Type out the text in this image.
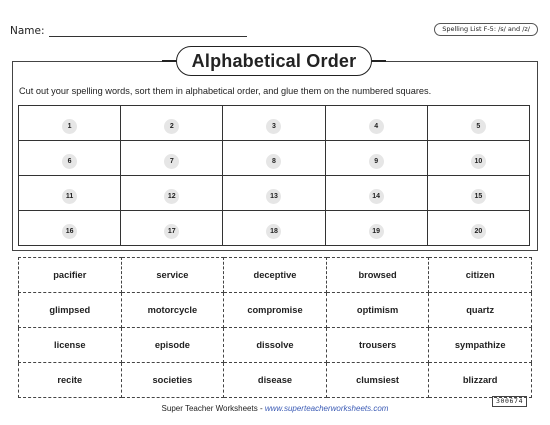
Name:	Spelling List F-5: /s/ and /z/
Alphabetical Order
Cut out your spelling words, sort them in alphabetical order, and glue them on the numbered squares.
1	2	3	4	5
6	7	8	9	10
11	12	13	14	15
16	17	18	19	20
pacifier	service	deceptive	browsed	citizen
glimpsed	motorcycle	compromise	optimism	quartz
license	episode	dissolve	trousers	sympathize
recite	societies	disease	clumsiest	blizzard
300674
Super Teacher Worksheets - www.superteacherworksheets.com
